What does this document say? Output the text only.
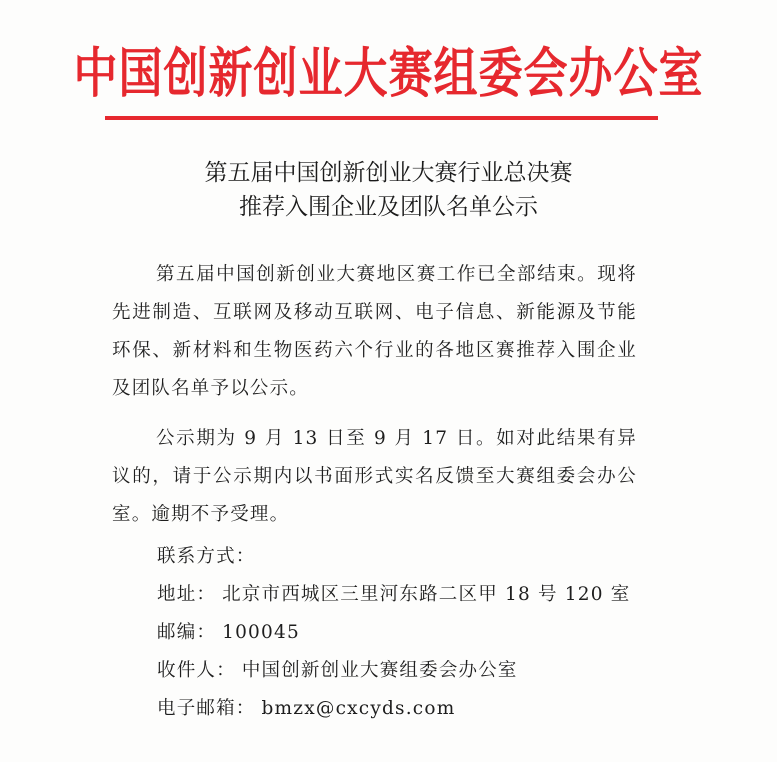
中国创新创业大赛组委会办公室
第五届中国创新创业大赛行业总决赛
推荐入围企业及团队名单公示
第五届中国创新创业大赛地区赛工作已全部结束。现将先进制造、互联网及移动互联网、电子信息、新能源及节能环保、新材料和生物医药六个行业的各地区赛推荐入围企业及团队名单予以公示。
公示期为 9 月 13 日至 9 月 17 日。如对此结果有异议的，请于公示期内以书面形式实名反馈至大赛组委会办公室。逾期不予受理。
联系方式：
地址： 北京市西城区三里河东路二区甲 18 号 120 室
邮编： 100045
收件人： 中国创新创业大赛组委会办公室
电子邮箱： bmzx@cxcyds.com
